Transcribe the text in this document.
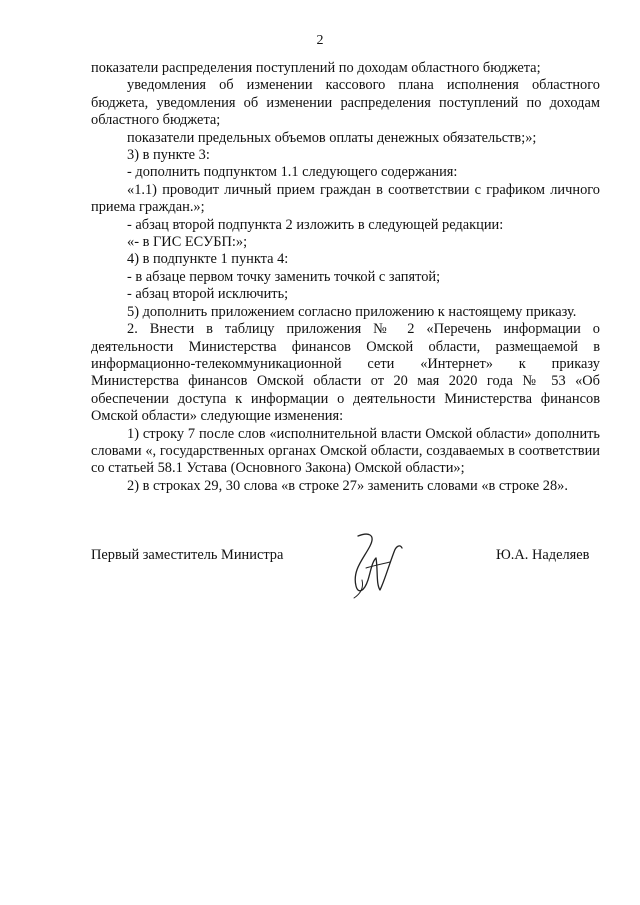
2

показатели распределения поступлений по доходам областного бюджета;

уведомления об изменении кассового плана исполнения областного бюджета, уведомления об изменении распределения поступлений по доходам областного бюджета;

показатели предельных объемов оплаты денежных обязательств;»;

3) в пункте 3:

- дополнить подпунктом 1.1 следующего содержания:

«1.1) проводит личный прием граждан в соответствии с графиком личного приема граждан.»;

- абзац второй подпункта 2 изложить в следующей редакции:

«- в ГИС ЕСУБП:»;

4) в подпункте 1 пункта 4:

- в абзаце первом точку заменить точкой с запятой;

- абзац второй исключить;

5) дополнить приложением согласно приложению к настоящему приказу.

2. Внести в таблицу приложения № 2 «Перечень информации о деятельности Министерства финансов Омской области, размещаемой в информационно-телекоммуникационной сети «Интернет» к приказу Министерства финансов Омской области от 20 мая 2020 года № 53 «Об обеспечении доступа к информации о деятельности Министерства финансов Омской области» следующие изменения:

1) строку 7 после слов «исполнительной власти Омской области» дополнить словами «, государственных органах Омской области, создаваемых в соответствии со статьей 58.1 Устава (Основного Закона) Омской области»;

2) в строках 29, 30 слова «в строке 27» заменить словами «в строке 28».

Первый заместитель Министра	Ю.А. Наделяев
